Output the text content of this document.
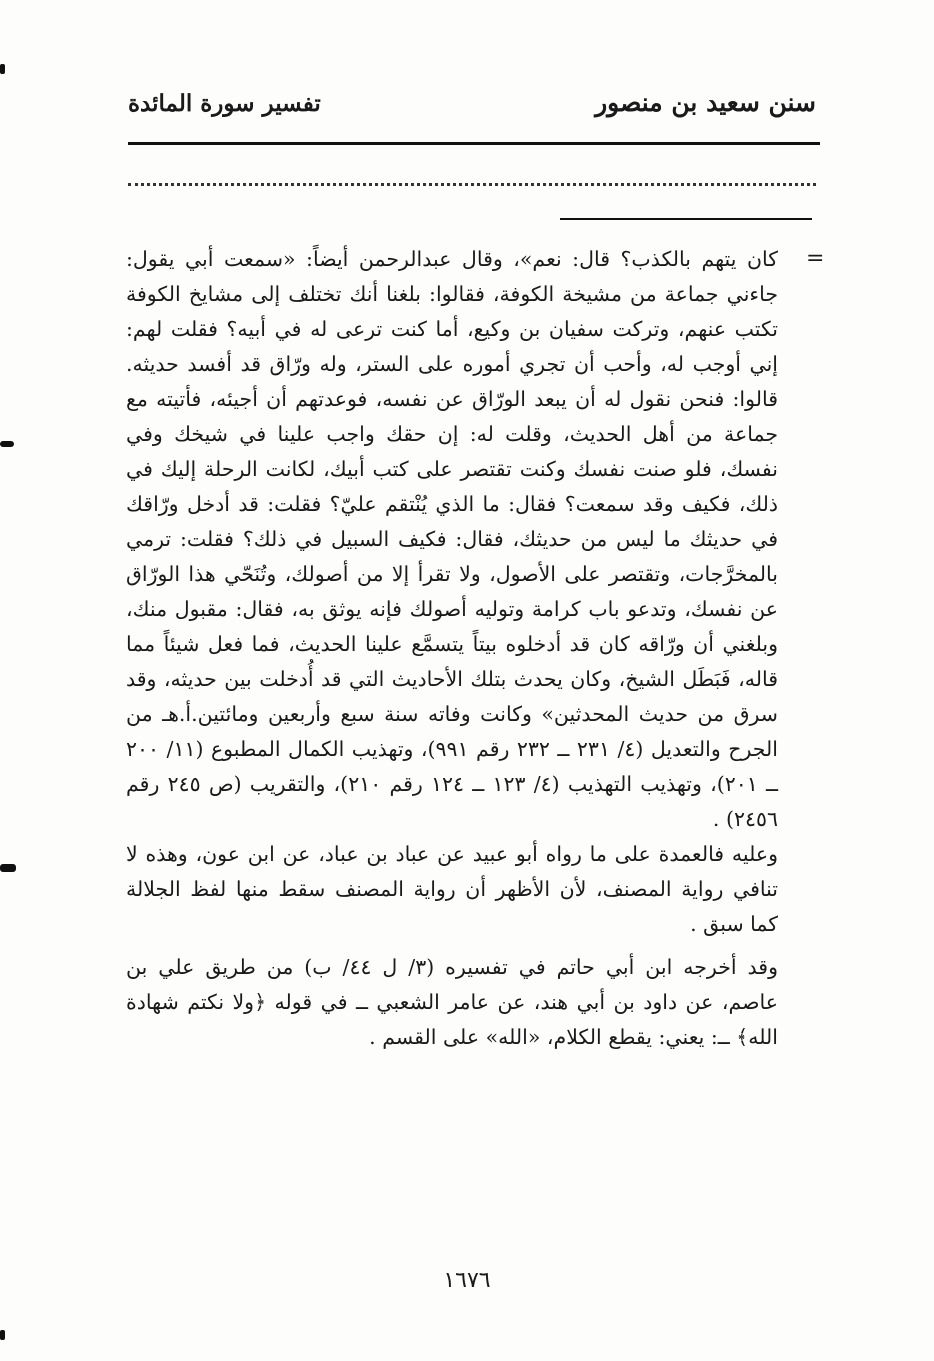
سنن سعيد بن منصور
تفسير سورة المائدة
=

كان يتهم بالكذب؟ قال: نعم»، وقال عبدالرحمن أيضاً: «سمعت أبي يقول: جاءني جماعة من مشيخة الكوفة، فقالوا: بلغنا أنك تختلف إلى مشايخ الكوفة تكتب عنهم، وتركت سفيان بن وكيع، أما كنت ترعى له في أبيه؟ فقلت لهم: إني أوجب له، وأحب أن تجري أموره على الستر، وله ورّاق قد أفسد حديثه. قالوا: فنحن نقول له أن يبعد الورّاق عن نفسه، فوعدتهم أن أجيئه، فأتيته مع جماعة من أهل الحديث، وقلت له: إن حقك واجب علينا في شيخك وفي نفسك، فلو صنت نفسك وكنت تقتصر على كتب أبيك، لكانت الرحلة إليك في ذلك، فكيف وقد سمعت؟ فقال: ما الذي يُنْتقم عليّ؟ فقلت: قد أدخل ورّاقك في حديثك ما ليس من حديثك، فقال: فكيف السبيل في ذلك؟ فقلت: ترمي بالمخرَّجات، وتقتصر على الأصول، ولا تقرأ إلا من أصولك، وتُنَحّي هذا الورّاق عن نفسك، وتدعو باب كرامة وتوليه أصولك فإنه يوثق به، فقال: مقبول منك، وبلغني أن ورّاقه كان قد أدخلوه بيتاً يتسمَّع علينا الحديث، فما فعل شيئاً مما قاله، فَبَطَل الشيخ، وكان يحدث بتلك الأحاديث التي قد أُدخلت بين حديثه، وقد سرق من حديث المحدثين» وكانت وفاته سنة سبع وأربعين ومائتين.أ.هـ من الجرح والتعديل (٤/ ٢٣١ ــ ٢٣٢ رقم ٩٩١)، وتهذيب الكمال المطبوع (١١/ ٢٠٠ ــ ٢٠١)، وتهذيب التهذيب (٤/ ١٢٣ ــ ١٢٤ رقم ٢١٠)، والتقريب (ص ٢٤٥ رقم ٢٤٥٦) .

وعليه فالعمدة على ما رواه أبو عبيد عن عباد بن عباد، عن ابن عون، وهذه لا تنافي رواية المصنف، لأن الأظهر أن رواية المصنف سقط منها لفظ الجلالة كما سبق .

وقد أخرجه ابن أبي حاتم في تفسيره (٣/ ل ٤٤/ ب) من طريق علي بن عاصم، عن داود بن أبي هند، عن عامر الشعبي ــ في قوله ﴿ولا نكتم شهادة الله﴾ ــ: يعني: يقطع الكلام، «الله» على القسم .

١٦٧٦
